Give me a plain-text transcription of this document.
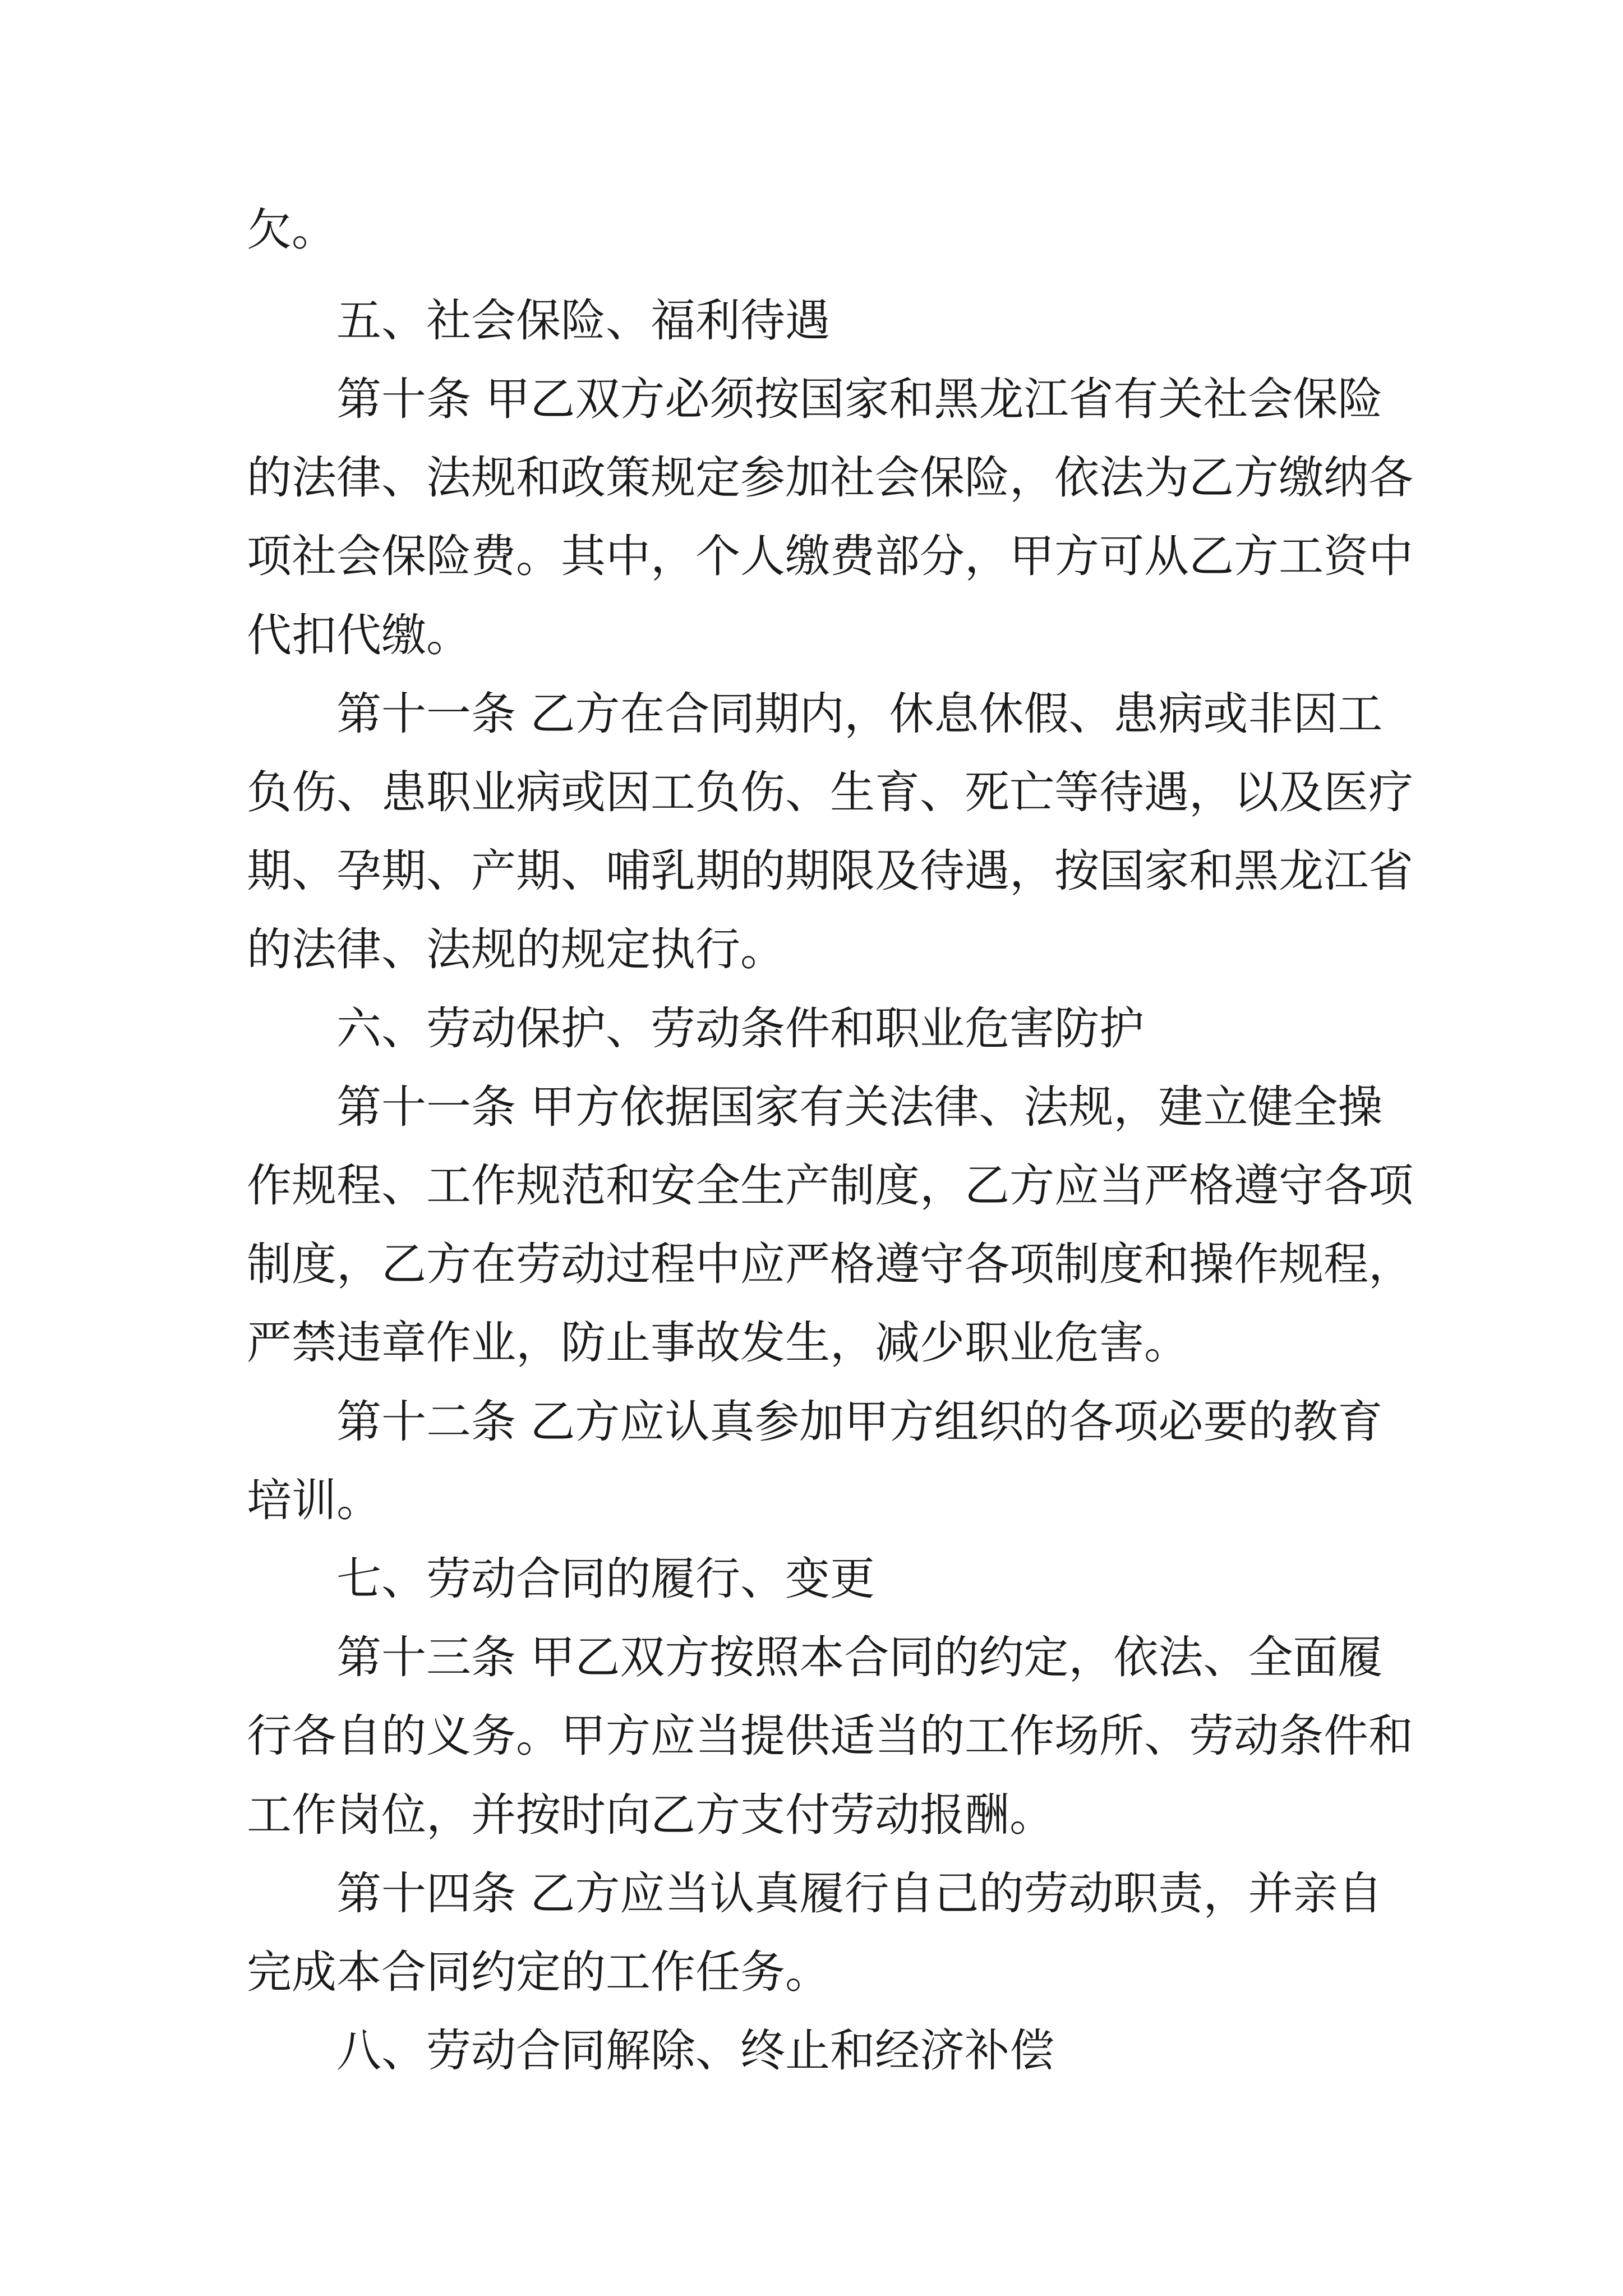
欠。

五、社会保险、福利待遇

第十条 甲乙双方必须按国家和黑龙江省有关社会保险

的法律、法规和政策规定参加社会保险，依法为乙方缴纳各

项社会保险费。其中，个人缴费部分，甲方可从乙方工资中

代扣代缴。

第十一条 乙方在合同期内，休息休假、患病或非因工

负伤、患职业病或因工负伤、生育、死亡等待遇，以及医疗

期、孕期、产期、哺乳期的期限及待遇，按国家和黑龙江省

的法律、法规的规定执行。

六、劳动保护、劳动条件和职业危害防护

第十一条 甲方依据国家有关法律、法规，建立健全操

作规程、工作规范和安全生产制度，乙方应当严格遵守各项

制度，乙方在劳动过程中应严格遵守各项制度和操作规程，

严禁违章作业，防止事故发生，减少职业危害。

第十二条 乙方应认真参加甲方组织的各项必要的教育

培训。

七、劳动合同的履行、变更

第十三条 甲乙双方按照本合同的约定，依法、全面履

行各自的义务。甲方应当提供适当的工作场所、劳动条件和

工作岗位，并按时向乙方支付劳动报酬。

第十四条 乙方应当认真履行自己的劳动职责，并亲自

完成本合同约定的工作任务。

八、劳动合同解除、终止和经济补偿
